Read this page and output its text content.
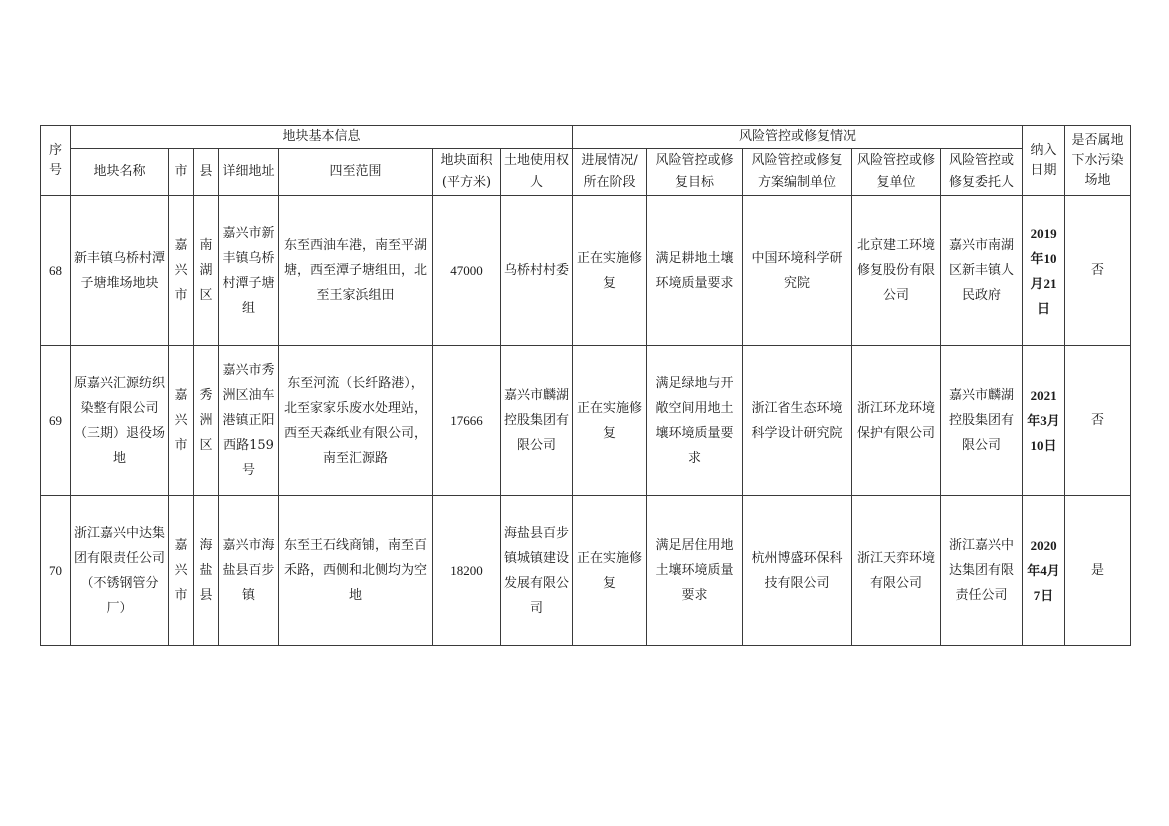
序号	地块基本信息							风险管控或修复情况					纳入日期	是否属地下水污染场地
	地块名称	市	县	详细地址	四至范围	地块面积(平方米)	土地使用权人	进展情况/所在阶段	风险管控或修复目标	风险管控或修复方案编制单位	风险管控或修复单位	风险管控或修复委托人		
68	新丰镇乌桥村潭子塘堆场地块	嘉兴市	南湖区	嘉兴市新丰镇乌桥村潭子塘组	东至西油车港，南至平湖塘，西至潭子塘组田，北至王家浜组田	47000	乌桥村村委	正在实施修复	满足耕地土壤环境质量要求	中国环境科学研究院	北京建工环境修复股份有限公司	嘉兴市南湖区新丰镇人民政府	2019年10月21日	否
69	原嘉兴汇源纺织染整有限公司（三期）退役场地	嘉兴市	秀洲区	嘉兴市秀洲区油车港镇正阳西路159号	东至河流（长纤路港），北至家家乐废水处理站，西至天森纸业有限公司，南至汇源路	17666	嘉兴市麟湖控股集团有限公司	正在实施修复	满足绿地与开敞空间用地土壤环境质量要求	浙江省生态环境科学设计研究院	浙江环龙环境保护有限公司	嘉兴市麟湖控股集团有限公司	2021年3月10日	否
70	浙江嘉兴中达集团有限责任公司（不锈钢管分厂）	嘉兴市	海盐县	嘉兴市海盐县百步镇	东至王石线商铺，南至百禾路，西侧和北侧均为空地	18200	海盐县百步镇城镇建设发展有限公司	正在实施修复	满足居住用地土壤环境质量要求	杭州博盛环保科技有限公司	浙江天弈环境有限公司	浙江嘉兴中达集团有限责任公司	2020年4月7日	是
